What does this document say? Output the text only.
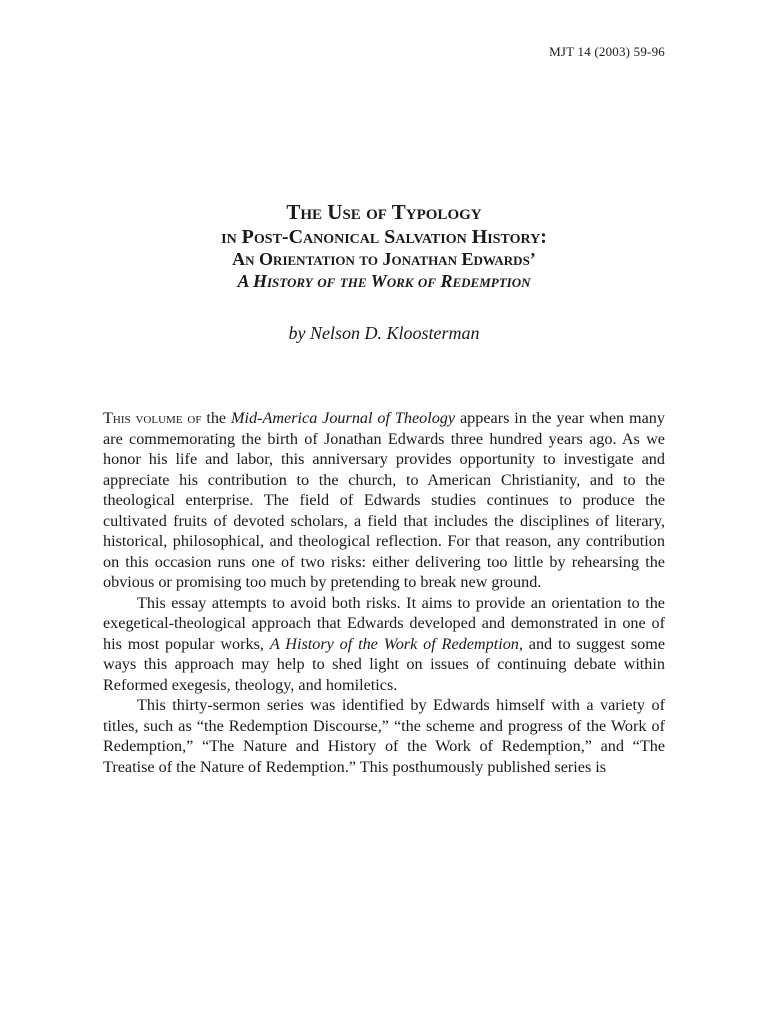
MJT 14 (2003) 59-96
The Use of Typology
in Post-Canonical Salvation History:
An Orientation to Jonathan Edwards’
A History of the Work of Redemption
by Nelson D. Kloosterman

This volume of the Mid-America Journal of Theology appears in the year when many are commemorating the birth of Jonathan Edwards three hundred years ago. As we honor his life and labor, this anniversary provides opportunity to investigate and appreciate his contribution to the church, to American Christianity, and to the theological enterprise. The field of Edwards studies continues to produce the cultivated fruits of devoted scholars, a field that includes the disciplines of literary, historical, philosophical, and theological reflection. For that reason, any contribution on this occasion runs one of two risks: either delivering too little by rehearsing the obvious or promising too much by pretending to break new ground.

This essay attempts to avoid both risks. It aims to provide an orientation to the exegetical-theological approach that Edwards developed and demonstrated in one of his most popular works, A History of the Work of Redemption, and to suggest some ways this approach may help to shed light on issues of continuing debate within Reformed exegesis, theology, and homiletics.

This thirty-sermon series was identified by Edwards himself with a variety of titles, such as “the Redemption Discourse,” “the scheme and progress of the Work of Redemption,” “The Nature and History of the Work of Redemption,” and “The Treatise of the Nature of Redemption.” This posthumously published series is
